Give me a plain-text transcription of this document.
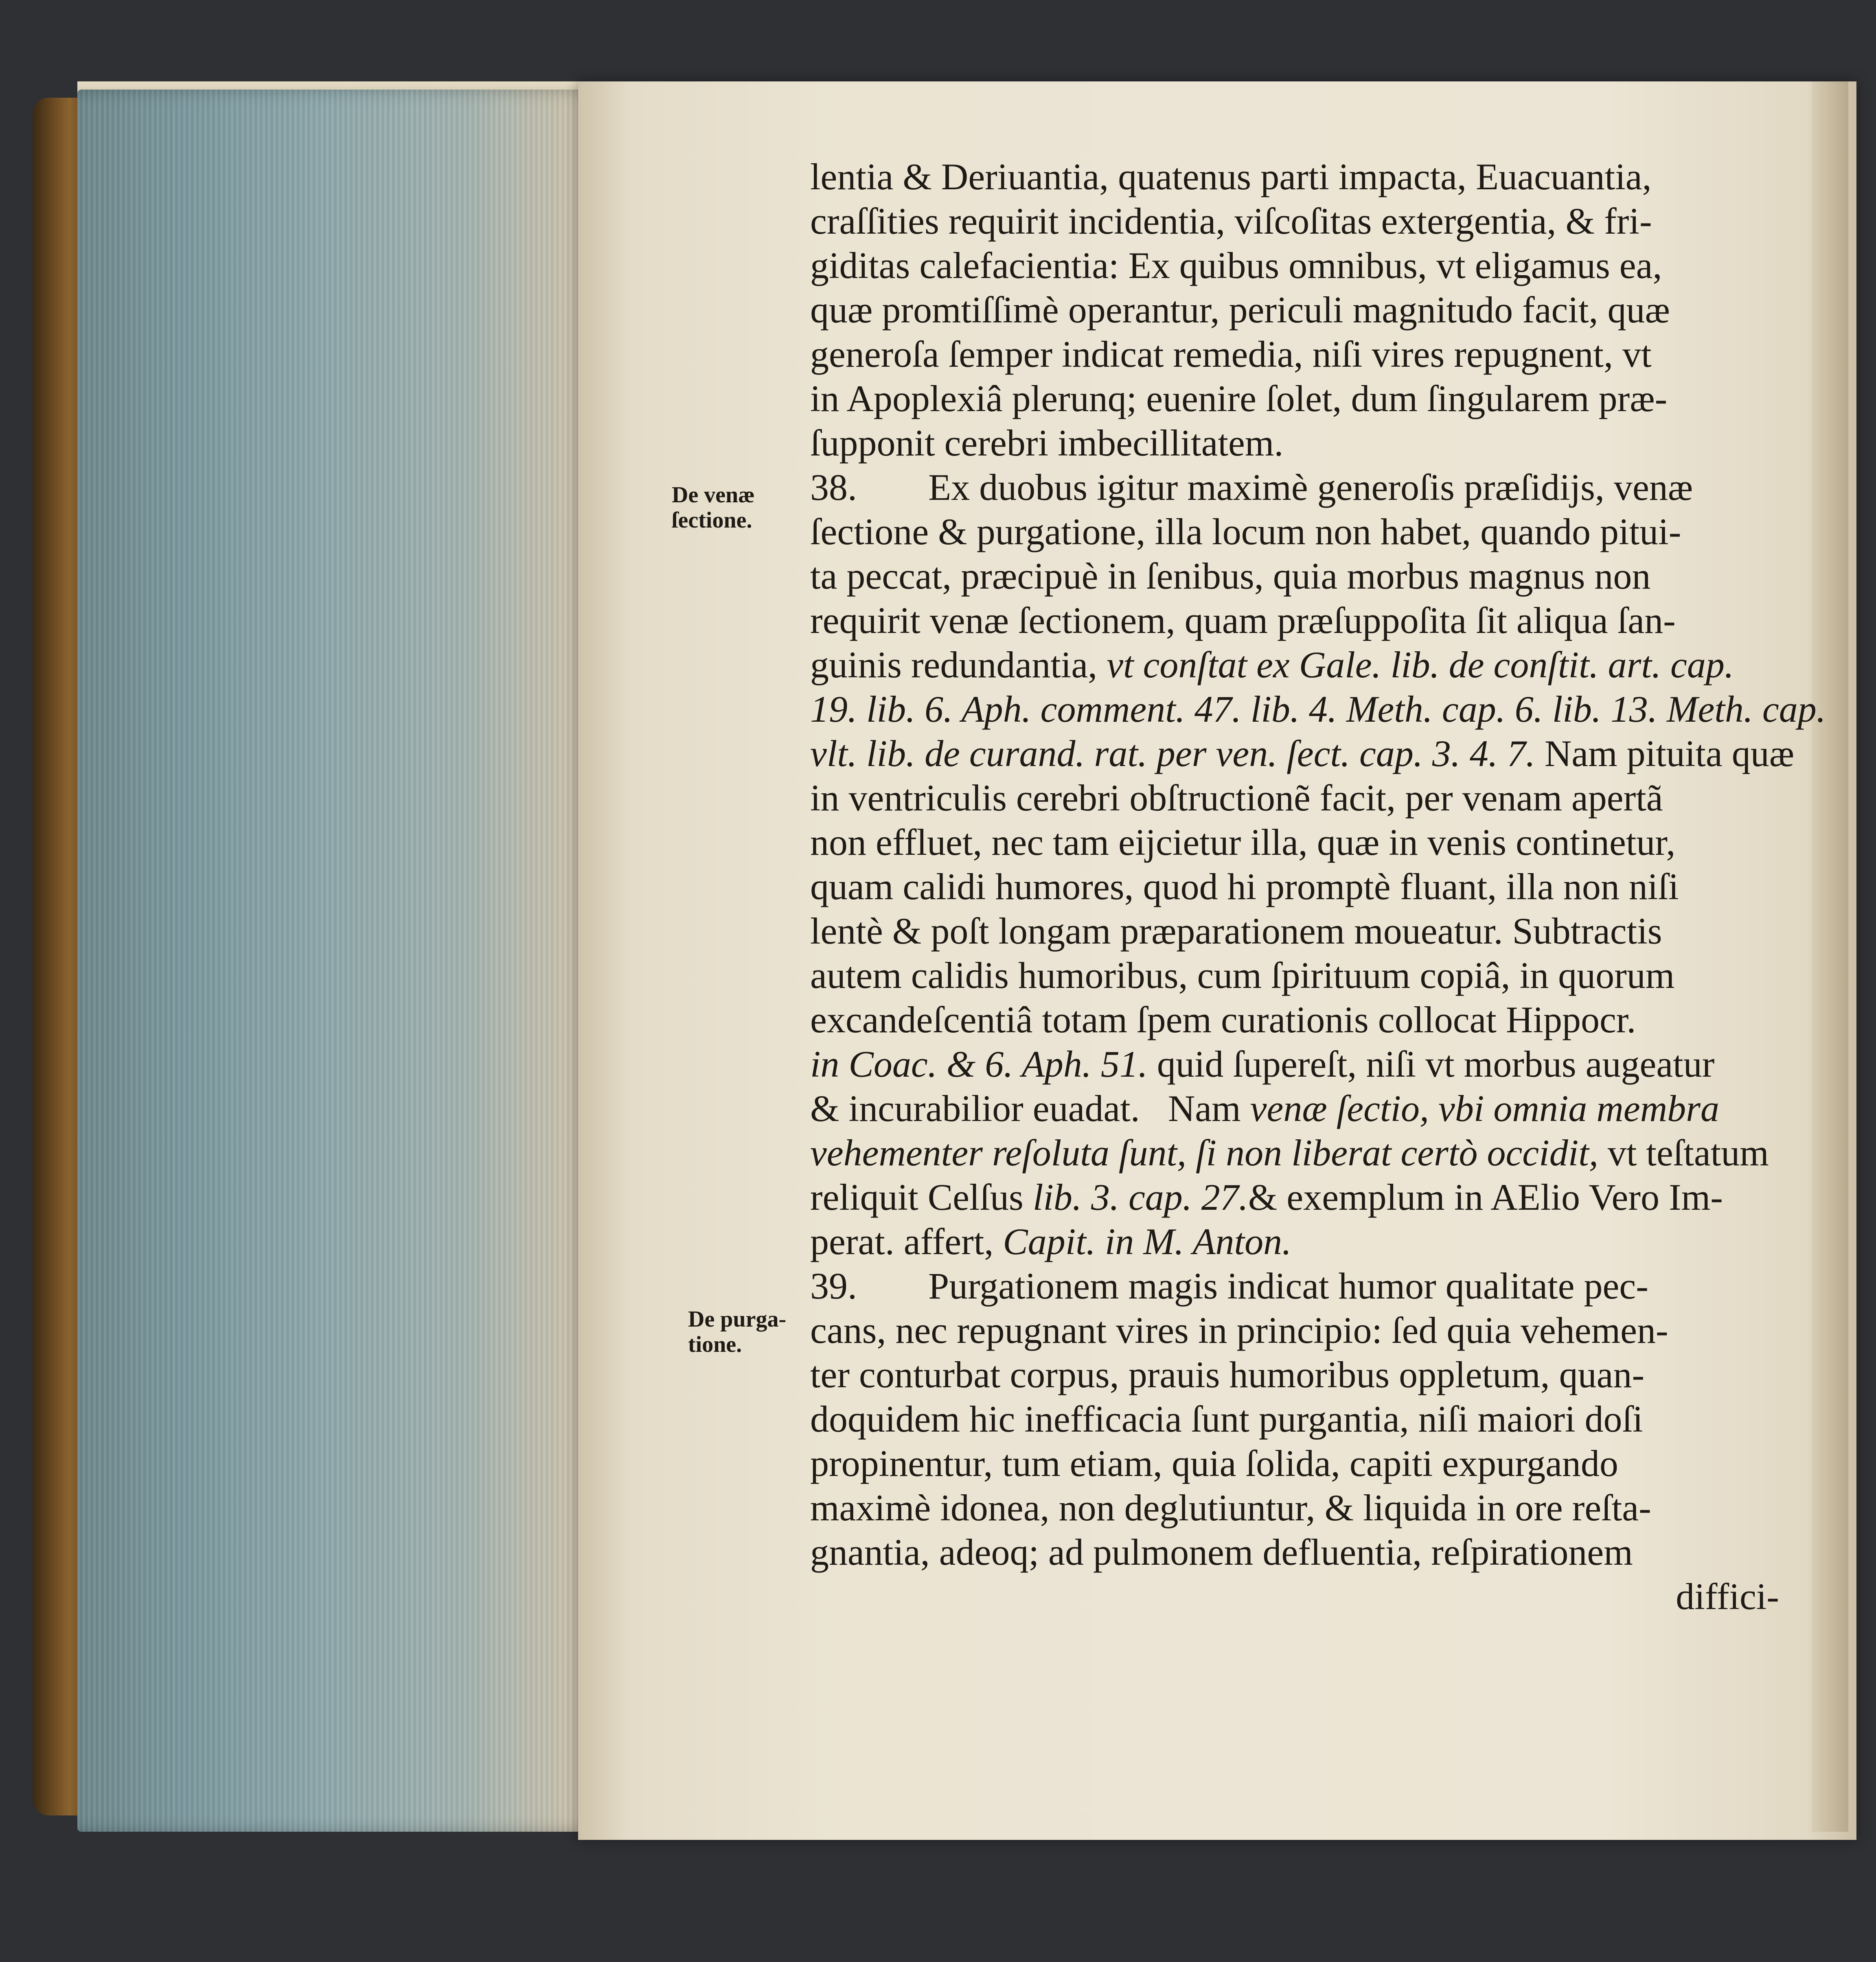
De venæ
ſectione.
De purga-
tione.
lentia & Deriuantia, quatenus parti impacta, Euacuantia,
craſſities requirit incidentia, viſcoſitas extergentia, & fri-
giditas calefacientia: Ex quibus omnibus, vt eligamus ea,
quæ promtiſſimè operantur, periculi magnitudo facit, quæ
generoſa ſemper indicat remedia, niſi vires repugnent, vt
in Apoplexiâ plerunq; euenire ſolet, dum ſingularem præ-
ſupponit cerebri imbecillitatem.
38. Ex duobus igitur maximè generoſis præſidijs, venæ
ſectione & purgatione, illa locum non habet, quando pitui-
ta peccat, præcipuè in ſenibus, quia morbus magnus non
requirit venæ ſectionem, quam præſuppoſita ſit aliqua ſan-
guinis redundantia, vt conſtat ex Gale. lib. de conſtit. art. cap.
19. lib. 6. Aph. comment. 47. lib. 4. Meth. cap. 6. lib. 13. Meth. cap.
vlt. lib. de curand. rat. per ven. ſect. cap. 3. 4. 7. Nam pituita quæ
in ventriculis cerebri obſtructionẽ facit, per venam apertã
non effluet, nec tam eijcietur illa, quæ in venis continetur,
quam calidi humores, quod hi promptè fluant, illa non niſi
lentè & poſt longam præparationem moueatur. Subtractis
autem calidis humoribus, cum ſpirituum copiâ, in quorum
excandeſcentiâ totam ſpem curationis collocat Hippocr.
in Coac. & 6. Aph. 51. quid ſupereſt, niſi vt morbus augeatur
& incurabilior euadat. Nam venæ ſectio, vbi omnia membra
vehementer reſoluta ſunt, ſi non liberat certò occidit, vt teſtatum
reliquit Celſus lib. 3. cap. 27.& exemplum in AElio Vero Im-
perat. affert, Capit. in M. Anton.
39. Purgationem magis indicat humor qualitate pec-
cans, nec repugnant vires in principio: ſed quia vehemen-
ter conturbat corpus, prauis humoribus oppletum, quan-
doquidem hic inefficacia ſunt purgantia, niſi maiori doſi
propinentur, tum etiam, quia ſolida, capiti expurgando
maximè idonea, non deglutiuntur, & liquida in ore reſta-
gnantia, adeoq; ad pulmonem defluentia, reſpirationem
diffici-
